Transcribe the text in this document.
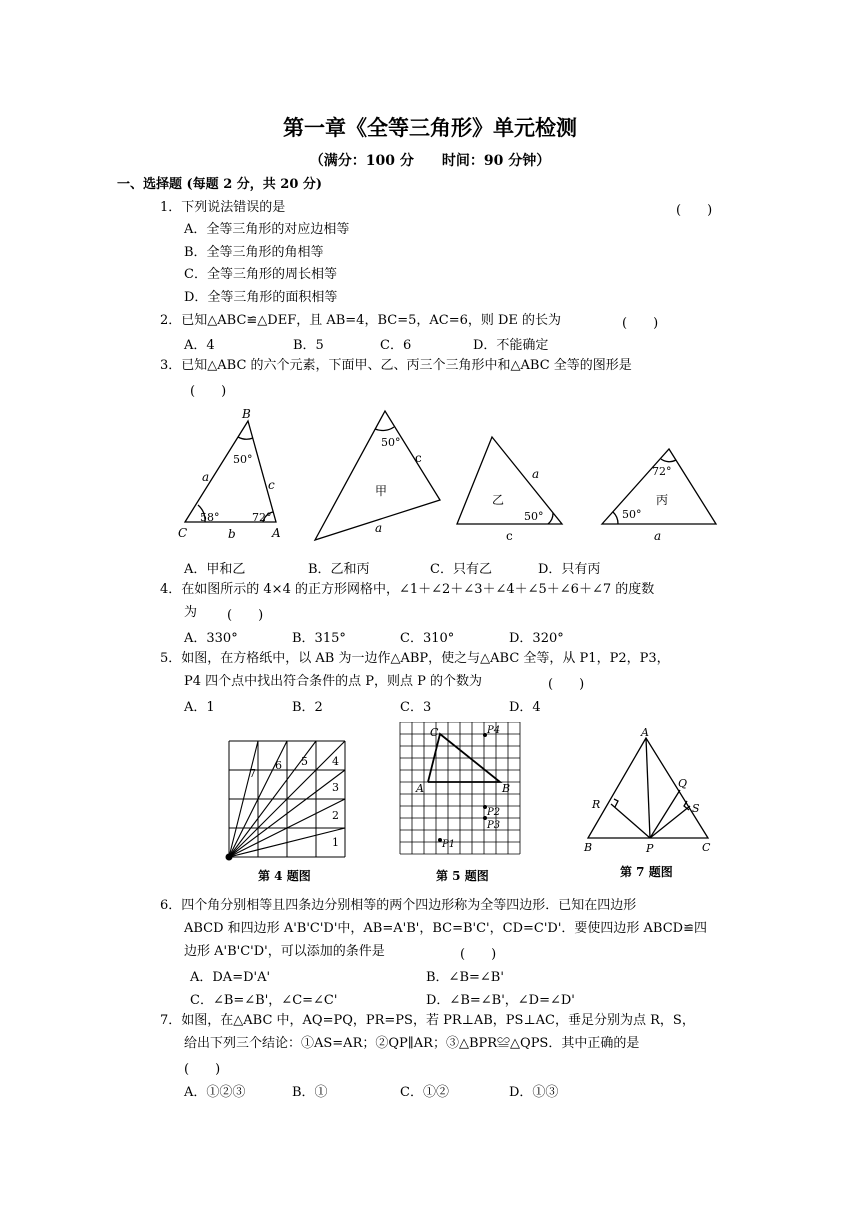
第一章《全等三角形》单元检测
（满分：100 分　　时间：90 分钟）
一、选择题 (每题 2 分，共 20 分)
1．下列说法错误的是	(　　)
A．全等三角形的对应边相等
B．全等三角形的角相等
C．全等三角形的周长相等
D．全等三角形的面积相等
2．已知△ABC≌△DEF，且 AB=4，BC=5，AC=6，则 DE 的长为	(　　)
A．4	B．5	C．6	D．不能确定
3．已知△ABC 的六个元素，下面甲、乙、丙三个三角形中和△ABC 全等的图形是
(　　)
B
C	A
a
c
b
50°
58°	72°
50°
c
甲
a
a
乙
50°
c
72°
丙
50°
a
A．甲和乙	B．乙和丙	C．只有乙	D．只有丙
4．在如图所示的 4×4 的正方形网格中，∠1＋∠2＋∠3＋∠4＋∠5＋∠6＋∠7 的度数
为 (　　)
A．330°	B．315°	C．310°	D．320°
5．如图，在方格纸中，以 AB 为一边作△ABP，使之与△ABC 全等，从 P1，P2，P3，
P4 四个点中找出符合条件的点 P，则点 P 的个数为	(　　)
A．1	B．2	C．3	D．4
1
2
3
4
5
6
7
第 4 题图
C
A	B
P4
P2
P3
P1
第 5 题图
A
B	C
P
Q
R	S
第 7 题图
6．四个角分别相等且四条边分别相等的两个四边形称为全等四边形．已知在四边形
ABCD 和四边形 A'B'C'D'中，AB=A'B'，BC=B'C'，CD=C'D'．要使四边形 ABCD≌四
边形 A'B'C'D'，可以添加的条件是	(　　)
A．DA=D'A'	B．∠B=∠B'
C．∠B=∠B'，∠C=∠C'	D．∠B=∠B'，∠D=∠D'
7．如图，在△ABC 中，AQ=PQ，PR=PS，若 PR⊥AB，PS⊥AC，垂足分别为点 R，S，
给出下列三个结论：①AS=AR；②QP∥AR；③△BPR≌△QPS．其中正确的是
(　　)
A．①②③	B．①	C．①②	D．①③
